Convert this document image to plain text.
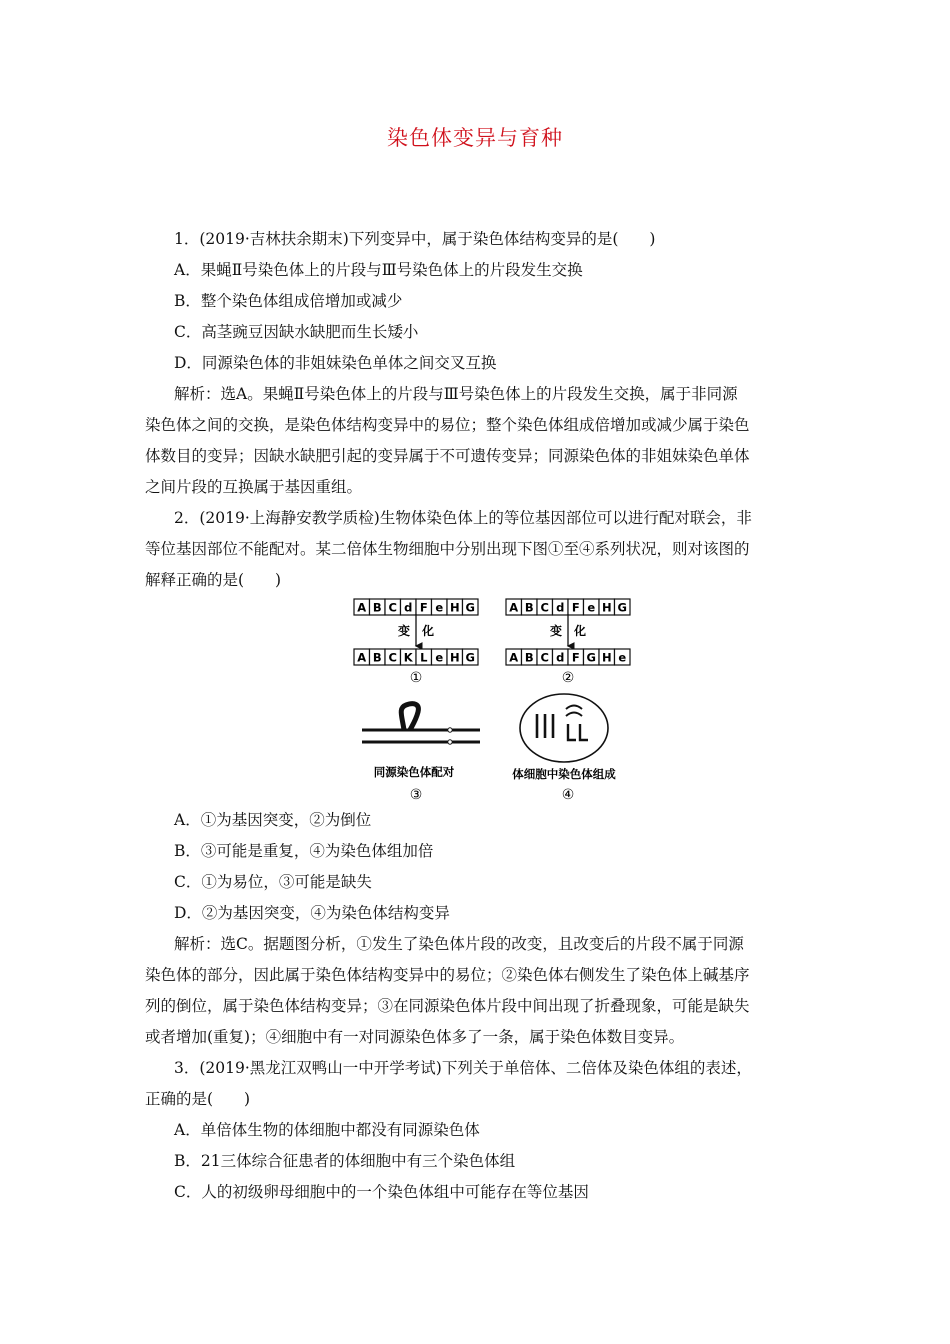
染色体变异与育种
1．(2019·吉林扶余期末)下列变异中，属于染色体结构变异的是(　　)
A．果蝇Ⅱ号染色体上的片段与Ⅲ号染色体上的片段发生交换
B．整个染色体组成倍增加或减少
C．高茎豌豆因缺水缺肥而生长矮小
D．同源染色体的非姐妹染色单体之间交叉互换
解析：选A。果蝇Ⅱ号染色体上的片段与Ⅲ号染色体上的片段发生交换，属于非同源
染色体之间的交换，是染色体结构变异中的易位；整个染色体组成倍增加或减少属于染色
体数目的变异；因缺水缺肥引起的变异属于不可遗传变异；同源染色体的非姐妹染色单体
之间片段的互换属于基因重组。
2．(2019·上海静安教学质检)生物体染色体上的等位基因部位可以进行配对联会，非
等位基因部位不能配对。某二倍体生物细胞中分别出现下图①至④系列状况，则对该图的
解释正确的是(　　)
A B C d F e H G
变　化
A B C K L e H G
①
A B C d F e H G
变　化
A B C d F G H e
②
同源染色体配对
③
体细胞中染色体组成
④
A．①为基因突变，②为倒位
B．③可能是重复，④为染色体组加倍
C．①为易位，③可能是缺失
D．②为基因突变，④为染色体结构变异
解析：选C。据题图分析，①发生了染色体片段的改变，且改变后的片段不属于同源
染色体的部分，因此属于染色体结构变异中的易位；②染色体右侧发生了染色体上碱基序
列的倒位，属于染色体结构变异；③在同源染色体片段中间出现了折叠现象，可能是缺失
或者增加(重复)；④细胞中有一对同源染色体多了一条，属于染色体数目变异。
3．(2019·黑龙江双鸭山一中开学考试)下列关于单倍体、二倍体及染色体组的表述，
正确的是(　　)
A．单倍体生物的体细胞中都没有同源染色体
B．21三体综合征患者的体细胞中有三个染色体组
C．人的初级卵母细胞中的一个染色体组中可能存在等位基因
